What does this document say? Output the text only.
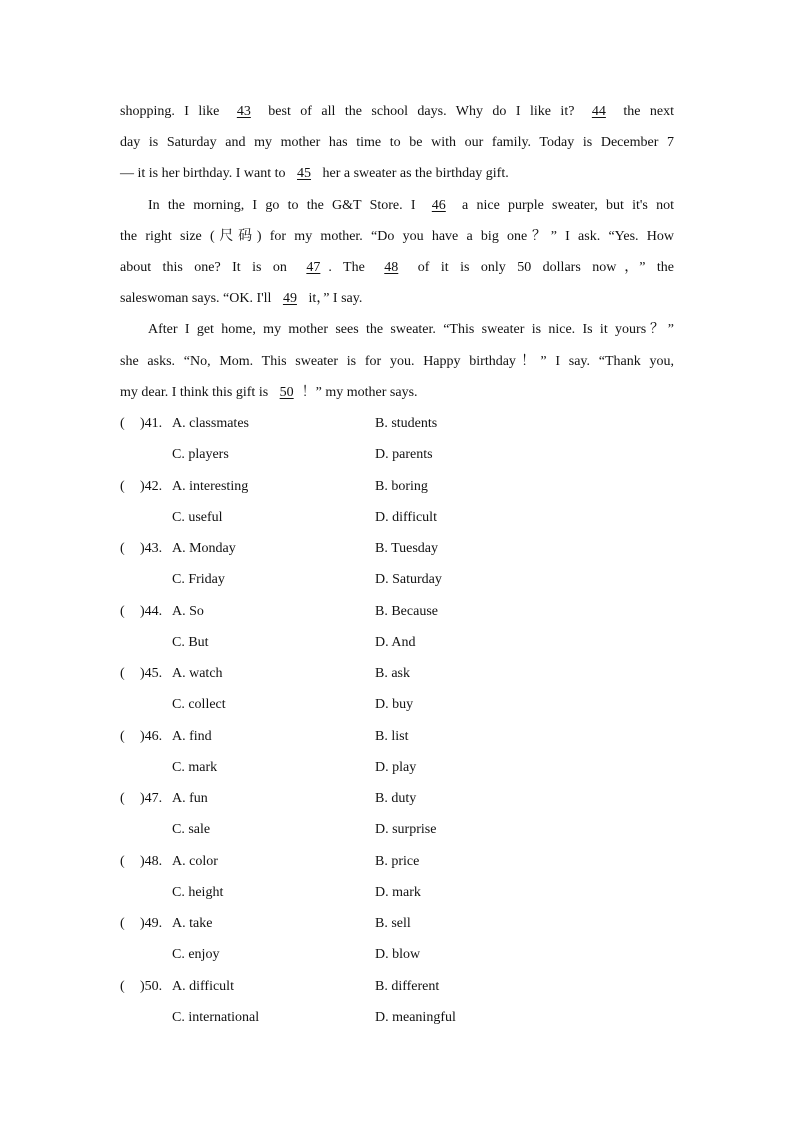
shopping. I like 43 best of all the school days. Why do I like it? 44 the next
day is Saturday and my mother has time to be with our family. Today is December 7
— it is her birthday. I want to 45 her a sweater as the birthday gift.
In the morning, I go to the G&T Store. I 46 a nice purple sweater, but it's not
the right size (尺码) for my mother. “Do you have a big one？” I ask. “Yes. How
about this one? It is on 47 . The 48 of it is only 50 dollars now，” the
saleswoman says. “OK. I'll 49 it，” I say.
After I get home, my mother sees the sweater. “This sweater is nice. Is it yours？”
she asks. “No, Mom. This sweater is for you. Happy birthday！” I say. “Thank you,
my dear. I think this gift is 50 ！” my mother says.
( )41. A. classmates	B. students
C. players	D. parents
( )42. A. interesting	B. boring
C. useful	D. difficult
( )43. A. Monday	B. Tuesday
C. Friday	D. Saturday
( )44. A. So	B. Because
C. But	D. And
( )45. A. watch	B. ask
C. collect	D. buy
( )46. A. find	B. list
C. mark	D. play
( )47. A. fun	B. duty
C. sale	D. surprise
( )48. A. color	B. price
C. height	D. mark
( )49. A. take	B. sell
C. enjoy	D. blow
( )50. A. difficult	B. different
C. international	D. meaningful
